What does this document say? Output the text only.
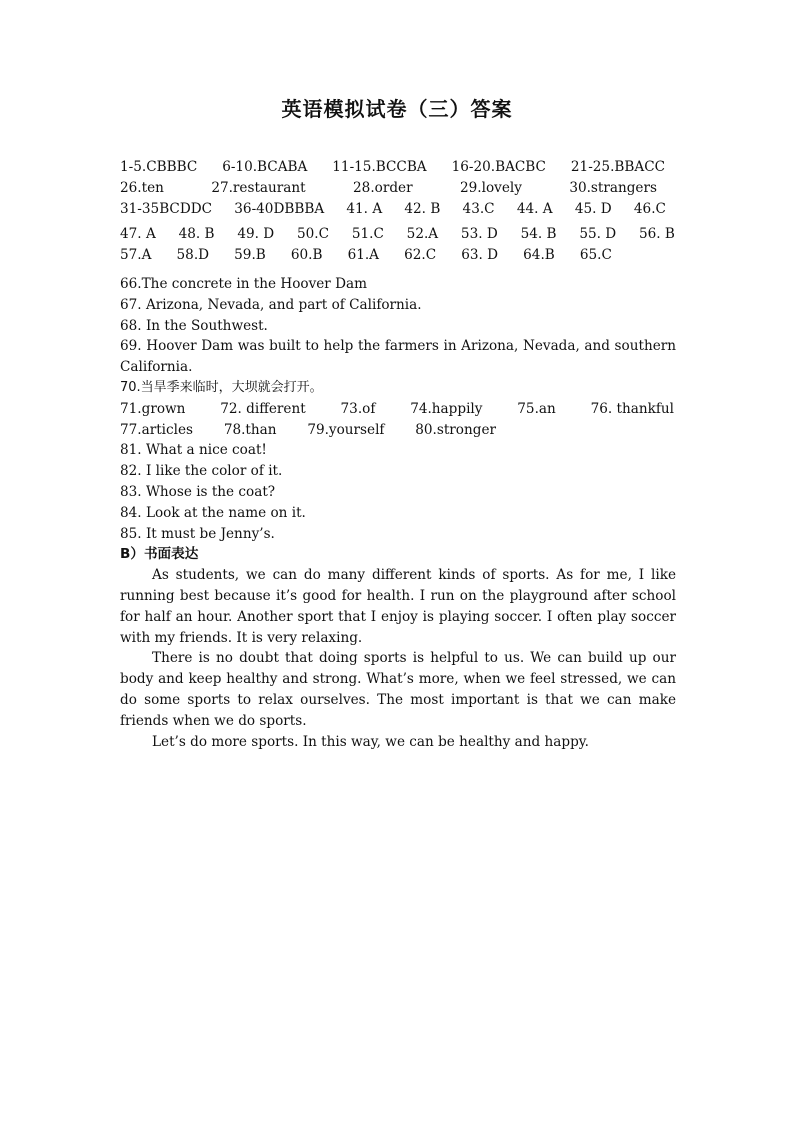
英语模拟试卷（三）答案
1-5.CBBBC 6-10.BCABA 11-15.BCCBA 16-20.BACBC 21-25.BBACC
26.ten	27.restaurant	28.order	29.lovely	30.strangers
31-35BCDDC 36-40DBBBA 41. A 42. B 43.C 44. A 45. D 46.C
47. A 48. B 49. D 50.C 51.C 52.A 53. D 54. B 55. D 56. B
57.A 58.D 59.B 60.B 61.A 62.C 63. D 64.B 65.C
66.The concrete in the Hoover Dam
67. Arizona, Nevada, and part of California.
68. In the Southwest.
69. Hoover Dam was built to help the farmers in Arizona, Nevada, and southern California.
70.当旱季来临时，大坝就会打开。
71.grown	72. different	73.of	74.happily	75.an	76. thankful
77.articles 78.than 79.yourself 80.stronger
81. What a nice coat!
82. I like the color of it.
83. Whose is the coat?
84. Look at the name on it.
85. It must be Jenny’s.
B）书面表达
As students, we can do many different kinds of sports. As for me, I like running best because it’s good for health. I run on the playground after school for half an hour. Another sport that I enjoy is playing soccer. I often play soccer with my friends. It is very relaxing.
There is no doubt that doing sports is helpful to us. We can build up our body and keep healthy and strong. What’s more, when we feel stressed, we can do some sports to relax ourselves. The most important is that we can make friends when we do sports.
Let’s do more sports. In this way, we can be healthy and happy.
